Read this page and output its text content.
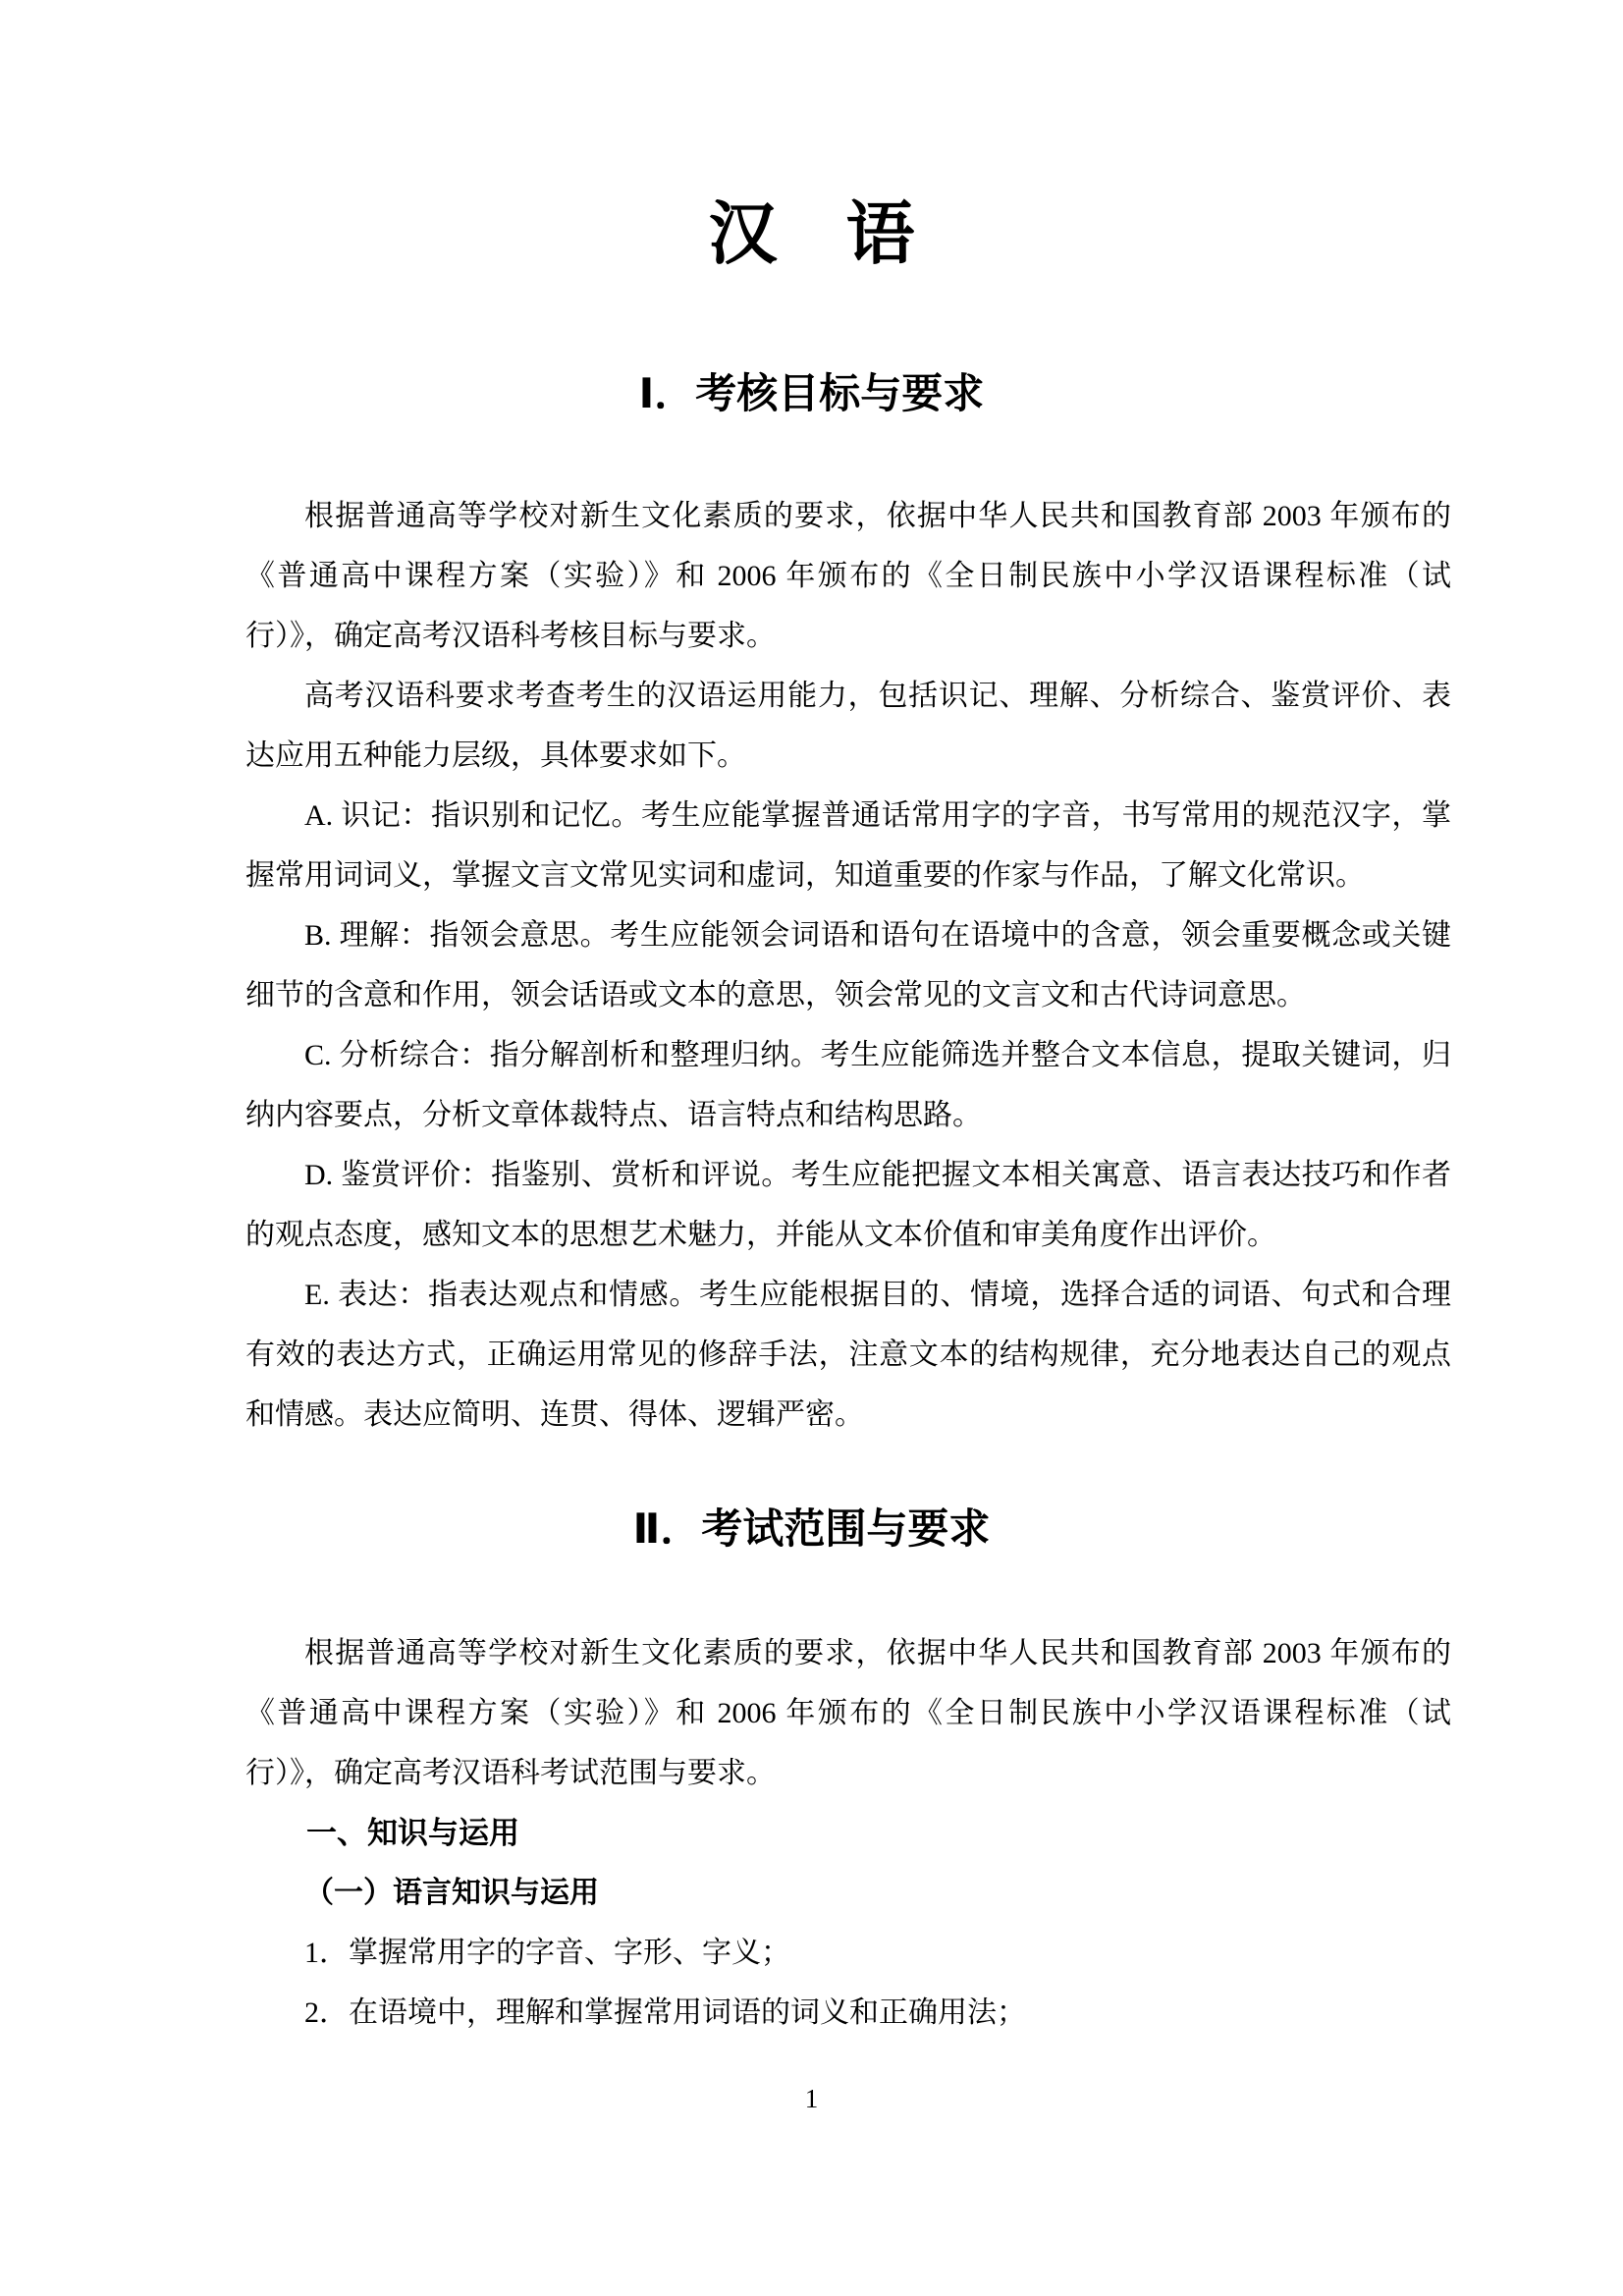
汉　语
Ⅰ．考核目标与要求

根据普通高等学校对新生文化素质的要求，依据中华人民共和国教育部 2003 年颁布的《普通高中课程方案（实验）》和 2006 年颁布的《全日制民族中小学汉语课程标准（试行）》，确定高考汉语科考核目标与要求。

高考汉语科要求考查考生的汉语运用能力，包括识记、理解、分析综合、鉴赏评价、表达应用五种能力层级，具体要求如下。

A. 识记：指识别和记忆。考生应能掌握普通话常用字的字音，书写常用的规范汉字，掌握常用词词义，掌握文言文常见实词和虚词，知道重要的作家与作品，了解文化常识。

B. 理解：指领会意思。考生应能领会词语和语句在语境中的含意，领会重要概念或关键细节的含意和作用，领会话语或文本的意思，领会常见的文言文和古代诗词意思。

C. 分析综合：指分解剖析和整理归纳。考生应能筛选并整合文本信息，提取关键词，归纳内容要点，分析文章体裁特点、语言特点和结构思路。

D. 鉴赏评价：指鉴别、赏析和评说。考生应能把握文本相关寓意、语言表达技巧和作者的观点态度，感知文本的思想艺术魅力，并能从文本价值和审美角度作出评价。

E. 表达：指表达观点和情感。考生应能根据目的、情境，选择合适的词语、句式和合理有效的表达方式，正确运用常见的修辞手法，注意文本的结构规律，充分地表达自己的观点和情感。表达应简明、连贯、得体、逻辑严密。

Ⅱ．考试范围与要求

根据普通高等学校对新生文化素质的要求，依据中华人民共和国教育部 2003 年颁布的《普通高中课程方案（实验）》和 2006 年颁布的《全日制民族中小学汉语课程标准（试行）》，确定高考汉语科考试范围与要求。

一、知识与运用

（一）语言知识与运用

1．掌握常用字的字音、字形、字义；

2．在语境中，理解和掌握常用词语的词义和正确用法；

1
